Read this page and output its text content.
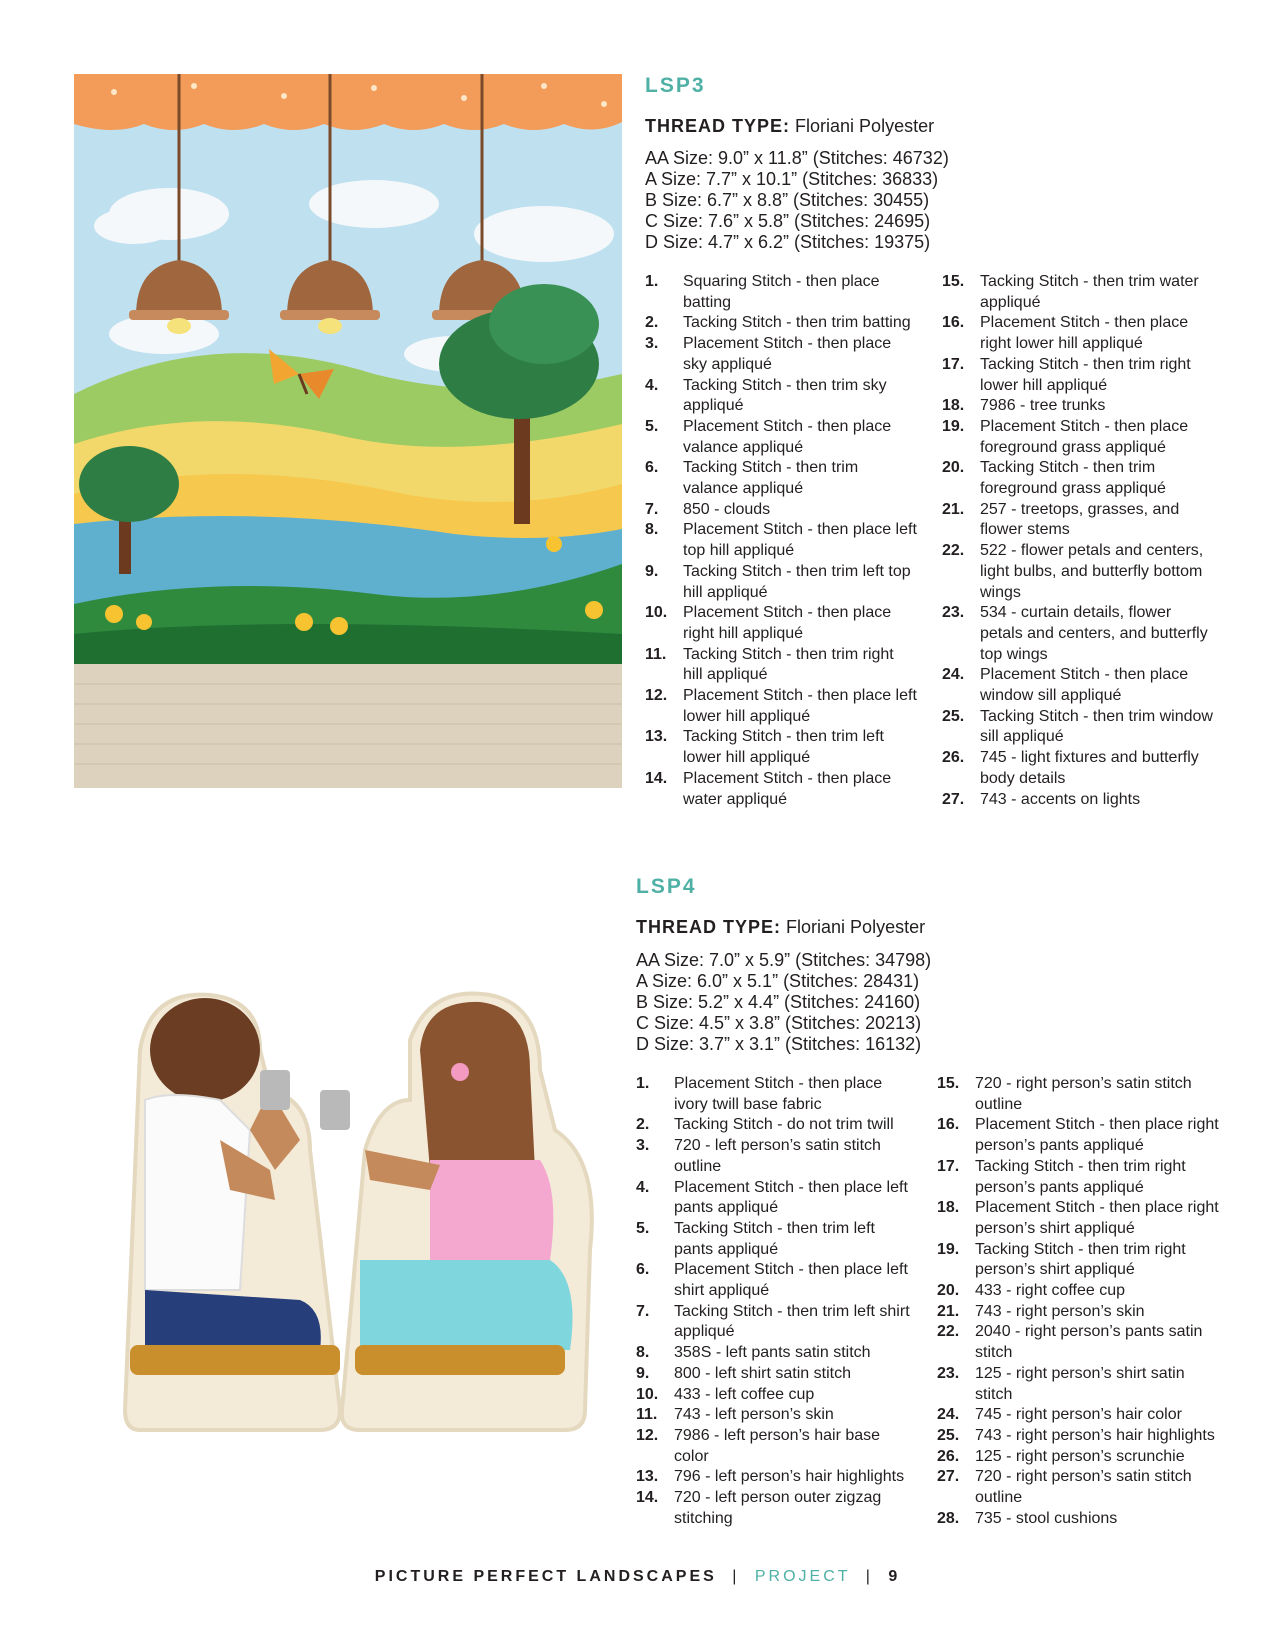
LSP3
THREAD TYPE: Floriani Polyester
AA Size: 9.0” x 11.8” (Stitches: 46732)
A Size: 7.7” x 10.1” (Stitches: 36833)
B Size: 6.7” x 8.8” (Stitches: 30455)
C Size: 7.6” x 5.8” (Stitches: 24695)
D Size: 4.7” x 6.2” (Stitches: 19375)
1.	Squaring Stitch - then place batting
2.	Tacking Stitch - then trim batting
3.	Placement Stitch - then place sky appliqué
4.	Tacking Stitch - then trim sky appliqué
5.	Placement Stitch - then place valance appliqué
6.	Tacking Stitch - then trim valance appliqué
7.	850 - clouds
8.	Placement Stitch - then place left top hill appliqué
9.	Tacking Stitch - then trim left top hill appliqué
10. Placement Stitch - then place right hill appliqué
11.	Tacking Stitch - then trim right hill appliqué
12. Placement Stitch - then place left lower hill appliqué
13. Tacking Stitch - then trim left lower hill appliqué
14. Placement Stitch - then place water appliqué
15. Tacking Stitch - then trim water appliqué
16. Placement Stitch - then place right lower hill appliqué
17. Tacking Stitch - then trim right lower hill appliqué
18. 7986 - tree trunks
19. Placement Stitch - then place foreground grass appliqué
20. Tacking Stitch - then trim foreground grass appliqué
21. 257 - treetops, grasses, and flower stems
22. 522 - flower petals and centers, light bulbs, and butterfly bottom wings
23. 534 - curtain details, flower petals and centers, and butterfly top wings
24. Placement Stitch - then place window sill appliqué
25. Tacking Stitch - then trim window sill appliqué
26. 745 - light fixtures and butterfly body details
27. 743 - accents on lights
LSP4
THREAD TYPE: Floriani Polyester
AA Size: 7.0” x 5.9” (Stitches: 34798)
A Size: 6.0” x 5.1” (Stitches: 28431)
B Size: 5.2” x 4.4” (Stitches: 24160)
C Size: 4.5” x 3.8” (Stitches: 20213)
D Size: 3.7” x 3.1” (Stitches: 16132)
1.	Placement Stitch - then place ivory twill base fabric
2.	Tacking Stitch - do not trim twill
3.	720 - left person’s satin stitch outline
4.	Placement Stitch - then place left pants appliqué
5.	Tacking Stitch - then trim left pants appliqué
6.	Placement Stitch - then place left shirt appliqué
7.	Tacking Stitch - then trim left shirt appliqué
8.	358S - left pants satin stitch
9.	800 - left shirt satin stitch
10. 433 - left coffee cup
11.	743 - left person’s skin
12. 7986 - left person’s hair base color
13. 796 - left person’s hair highlights
14. 720 - left person outer zigzag stitching
15. 720 - right person’s satin stitch outline
16. Placement Stitch - then place right person’s pants appliqué
17. Tacking Stitch - then trim right person’s pants appliqué
18. Placement Stitch - then place right person’s shirt appliqué
19. Tacking Stitch - then trim right person’s shirt appliqué
20. 433 - right coffee cup
21. 743 - right person’s skin
22. 2040 - right person’s pants satin stitch
23. 125 - right person’s shirt satin stitch
24. 745 - right person’s hair color
25. 743 - right person’s hair highlights
26. 125 - right person’s scrunchie
27. 720 - right person’s satin stitch outline
28. 735 - stool cushions
PICTURE PERFECT LANDSCAPES | PROJECT | 9
